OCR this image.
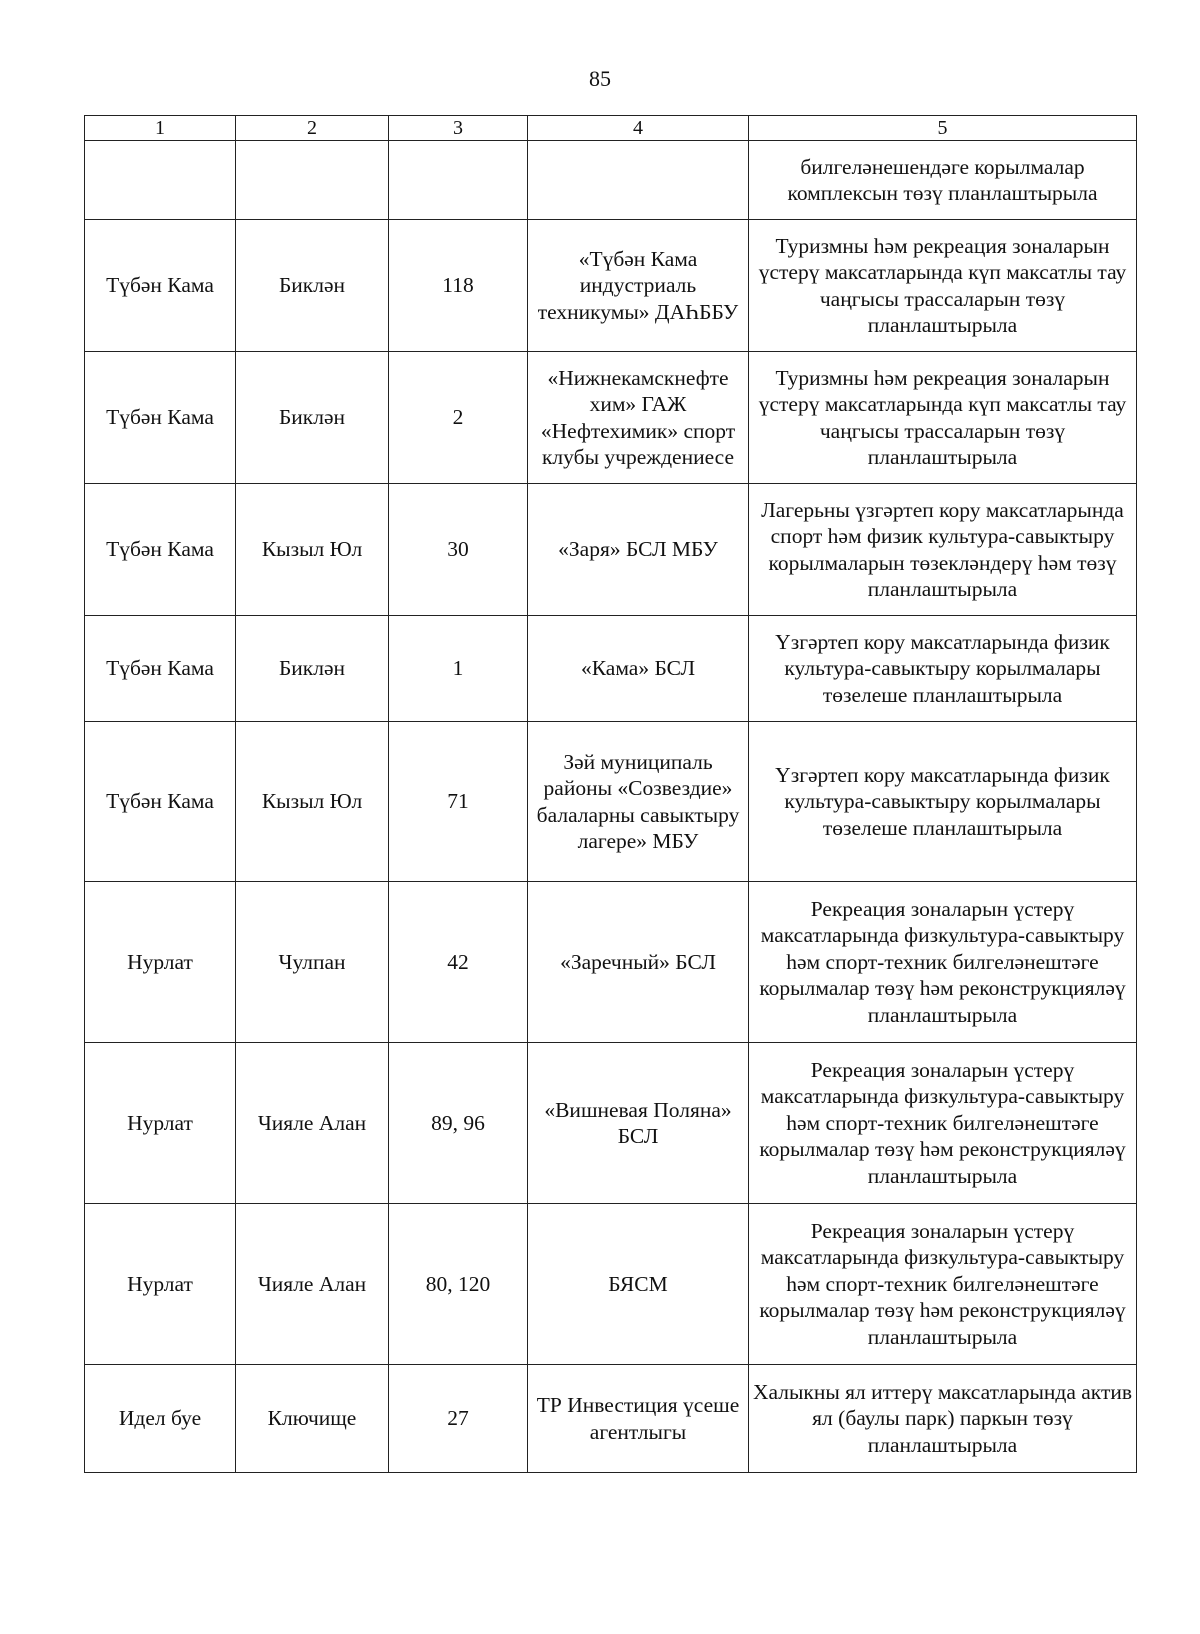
85
1	2	3	4	5
				билгеләнешендәге корылмалар комплексын төзү планлаштырыла
Түбән Кама	Биклән	118	«Түбән Кама индустриаль техникумы» ДАҺББУ	Туризмны һәм рекреация зоналарын үстерү максатларында күп максатлы тау чаңгысы трассаларын төзү планлаштырыла
Түбән Кама	Биклән	2	«Нижнекамскнефте хим» ГАЖ «Нефтехимик» спорт клубы учреждениесе	Туризмны һәм рекреация зоналарын үстерү максатларында күп максатлы тау чаңгысы трассаларын төзү планлаштырыла
Түбән Кама	Кызыл Юл	30	«Заря» БСЛ МБУ	Лагерьны үзгәртеп кору максатларында спорт һәм физик культура-савыктыру корылмаларын төзекләндерү һәм төзү планлаштырыла
Түбән Кама	Биклән	1	«Кама» БСЛ	Үзгәртеп кору максатларында физик культура-савыктыру корылмалары төзелеше планлаштырыла
Түбән Кама	Кызыл Юл	71	Зәй муниципаль районы «Созвездие» балаларны савыктыру лагере» МБУ	Үзгәртеп кору максатларында физик культура-савыктыру корылмалары төзелеше планлаштырыла
Нурлат	Чулпан	42	«Заречный» БСЛ	Рекреация зоналарын үстерү максатларында физкультура-савыктыру һәм спорт-техник билгеләнештәге корылмалар төзү һәм реконструкцияләү планлаштырыла
Нурлат	Чияле Алан	89, 96	«Вишневая Поляна» БСЛ	Рекреация зоналарын үстерү максатларында физкультура-савыктыру һәм спорт-техник билгеләнештәге корылмалар төзү һәм реконструкцияләү планлаштырыла
Нурлат	Чияле Алан	80, 120	БЯСМ	Рекреация зоналарын үстерү максатларында физкультура-савыктыру һәм спорт-техник билгеләнештәге корылмалар төзү һәм реконструкцияләү планлаштырыла
Идел буе	Ключище	27	ТР Инвестиция үсеше агентлыгы	Халыкны ял иттерү максатларында актив ял (баулы парк) паркын төзү планлаштырыла
